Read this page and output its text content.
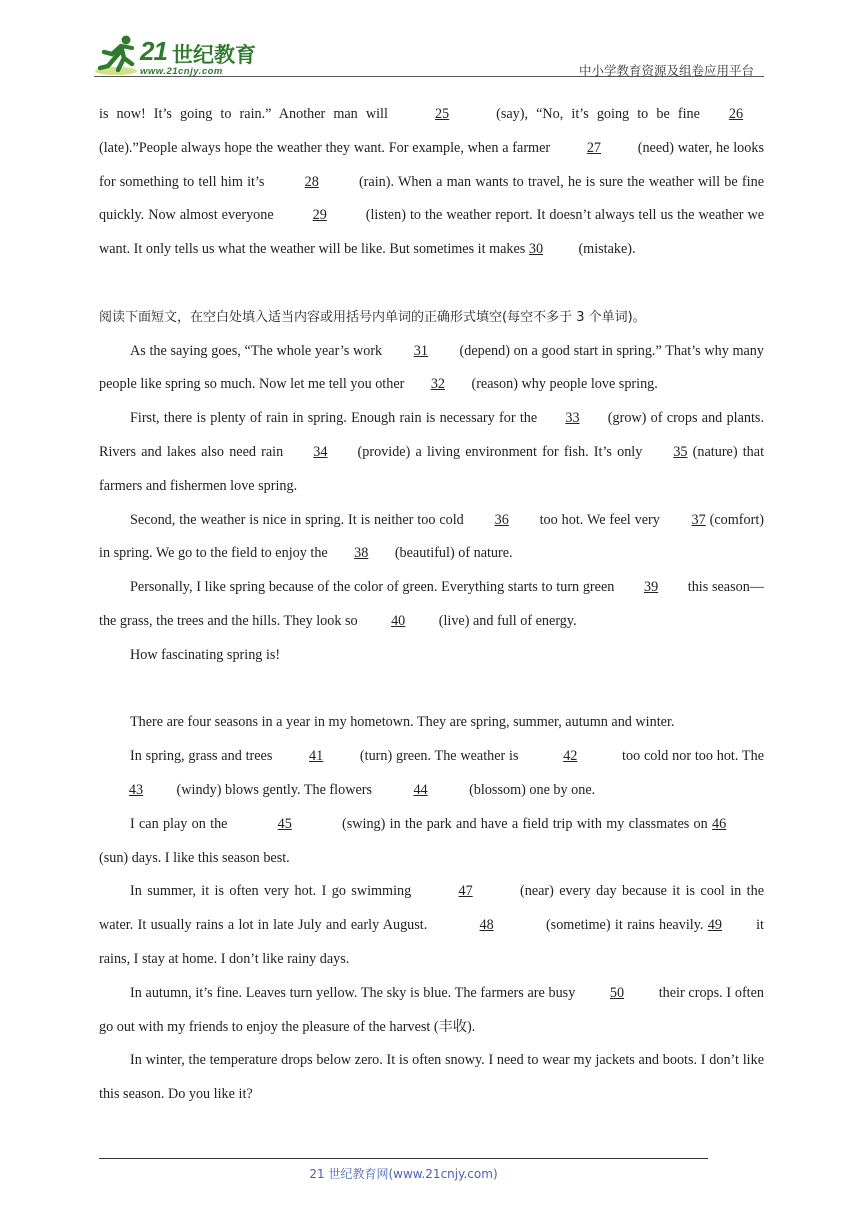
21 世纪教育
www.21cnjy.com	中小学教育资源及组卷应用平台

is now! It’s going to rain.” Another man will	25	(say), “No, it’s going to be fine 26 (late).”People always hope the weather they want. For example, when a farmer 27 (need) water, he looks for something to tell him it’s	28	(rain). When a man wants to travel, he is sure the weather will be fine quickly. Now almost everyone 29 (listen) to the weather report. It doesn’t always tell us the weather we want. It only tells us what the weather will be like. But sometimes it makes 30 (mistake).

阅读下面短文，在空白处填入适当内容或用括号内单词的正确形式填空(每空不多于 3 个单词)。

As the saying goes, “The whole year’s work 31 (depend) on a good start in spring.” That’s why many people like spring so much. Now let me tell you other 32 (reason) why people love spring.

First, there is plenty of rain in spring. Enough rain is necessary for the 33 (grow) of crops and plants. Rivers and lakes also need rain 34 (provide) a living environment for fish. It’s only 35 (nature) that farmers and fishermen love spring.

Second, the weather is nice in spring. It is neither too cold 36 too hot. We feel very 37 (comfort) in spring. We go to the field to enjoy the 38 (beautiful) of nature.

Personally, I like spring because of the color of green. Everything starts to turn green 39 this season—the grass, the trees and the hills. They look so 40 (live) and full of energy.

How fascinating spring is!

There are four seasons in a year in my hometown. They are spring, summer, autumn and winter.

In spring, grass and trees 41 (turn) green. The weather is	42	too cold nor too hot. The 43 (windy) blows gently. The flowers	44	(blossom) one by one.

I can play on the	45	(swing) in the park and have a field trip with my classmates on 46 (sun) days. I like this season best.

In summer, it is often very hot. I go swimming	47	(near) every day because it is cool in the water. It usually rains a lot in late July and early August.	48	(sometime) it rains heavily. 49 it rains, I stay at home. I don’t like rainy days.

In autumn, it’s fine. Leaves turn yellow. The sky is blue. The farmers are busy 50 their crops. I often go out with my friends to enjoy the pleasure of the harvest (丰收).

In winter, the temperature drops below zero. It is often snowy. I need to wear my jackets and boots. I don’t like this season. Do you like it?

21 世纪教育网(www.21cnjy.com)
